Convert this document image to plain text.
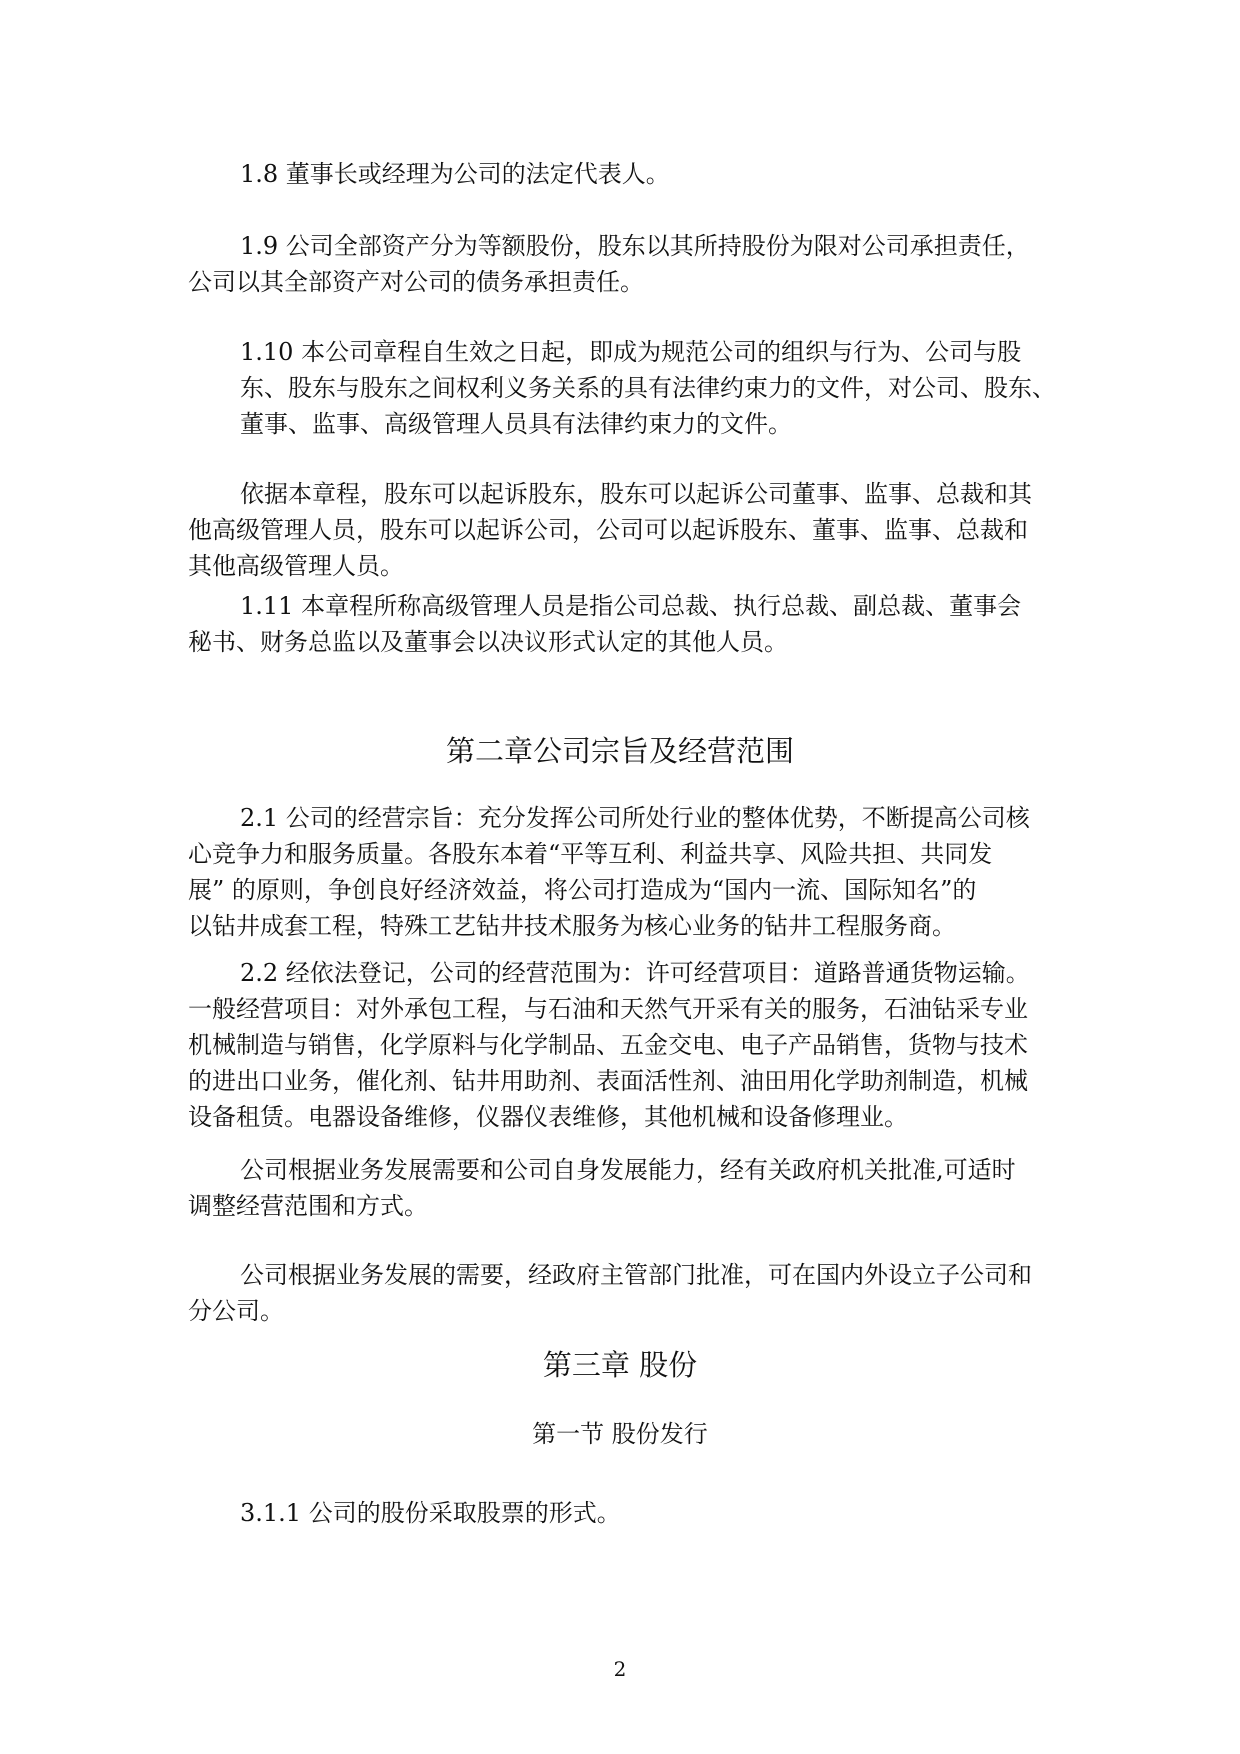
1.8 董事长或经理为公司的法定代表人。

1.9 公司全部资产分为等额股份，股东以其所持股份为限对公司承担责任，
公司以其全部资产对公司的债务承担责任。

1.10 本公司章程自生效之日起，即成为规范公司的组织与行为、公司与股
东、股东与股东之间权利义务关系的具有法律约束力的文件，对公司、股东、
董事、监事、高级管理人员具有法律约束力的文件。

依据本章程，股东可以起诉股东，股东可以起诉公司董事、监事、总裁和其
他高级管理人员，股东可以起诉公司，公司可以起诉股东、董事、监事、总裁和
其他高级管理人员。

1.11 本章程所称高级管理人员是指公司总裁、执行总裁、副总裁、董事会
秘书、财务总监以及董事会以决议形式认定的其他人员。

第二章公司宗旨及经营范围

2.1 公司的经营宗旨：充分发挥公司所处行业的整体优势，不断提高公司核
心竞争力和服务质量。各股东本着“平等互利、利益共享、风险共担、共同发
展” 的原则，争创良好经济效益，将公司打造成为“国内一流、国际知名”的
以钻井成套工程，特殊工艺钻井技术服务为核心业务的钻井工程服务商。

2.2 经依法登记，公司的经营范围为：许可经营项目：道路普通货物运输。
一般经营项目：对外承包工程，与石油和天然气开采有关的服务，石油钻采专业
机械制造与销售，化学原料与化学制品、五金交电、电子产品销售，货物与技术
的进出口业务，催化剂、钻井用助剂、表面活性剂、油田用化学助剂制造，机械
设备租赁。电器设备维修，仪器仪表维修，其他机械和设备修理业。

公司根据业务发展需要和公司自身发展能力，经有关政府机关批准,可适时
调整经营范围和方式。

公司根据业务发展的需要，经政府主管部门批准，可在国内外设立子公司和
分公司。

第三章 股份
第一节 股份发行

3.1.1 公司的股份采取股票的形式。

2
